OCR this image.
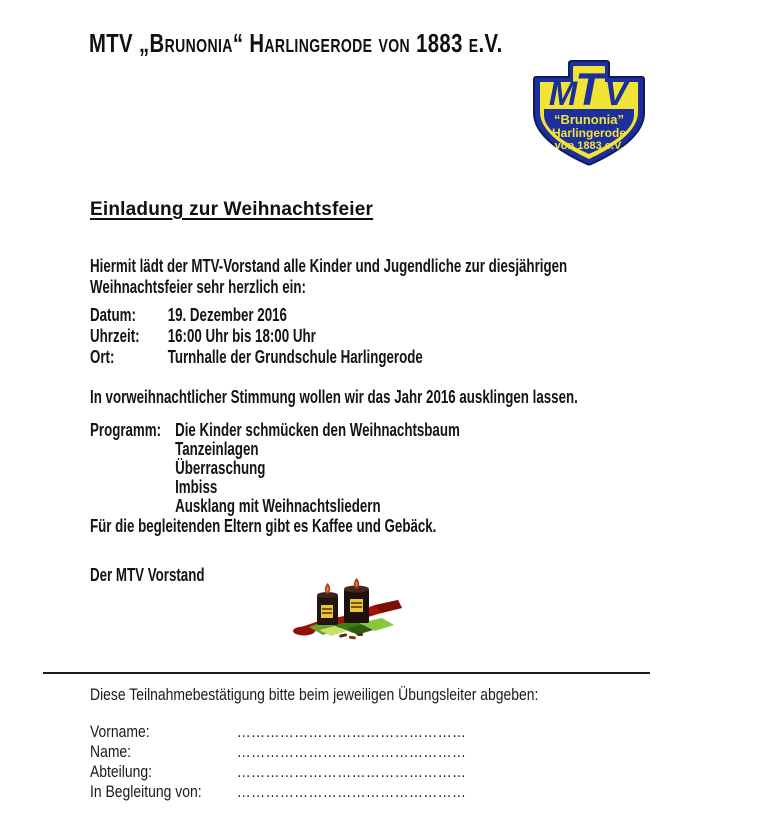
MTV „Brunonia“ Harlingerode von 1883 e.V.
M
T V
“Brunonia”
Harlingerode
von 1883 e.V.
Einladung zur Weihnachtsfeier
Hiermit lädt der MTV-Vorstand alle Kinder und Jugendliche zur diesjährigen
Weihnachtsfeier sehr herzlich ein:
Datum:	19. Dezember 2016
Uhrzeit:	16:00 Uhr bis 18:00 Uhr
Ort:	Turnhalle der Grundschule Harlingerode
In vorweihnachtlicher Stimmung wollen wir das Jahr 2016 ausklingen lassen.
Programm: Die Kinder schmücken den Weihnachtsbaum
Tanzeinlagen
Überraschung
Imbiss
Ausklang mit Weihnachtsliedern
Für die begleitenden Eltern gibt es Kaffee und Gebäck.
Der MTV Vorstand
Diese Teilnahmebestätigung bitte beim jeweiligen Übungsleiter abgeben:
Vorname:	…………………………………………
Name:	…………………………………………
Abteilung:	…………………………………………
In Begleitung von:	…………………………………………
